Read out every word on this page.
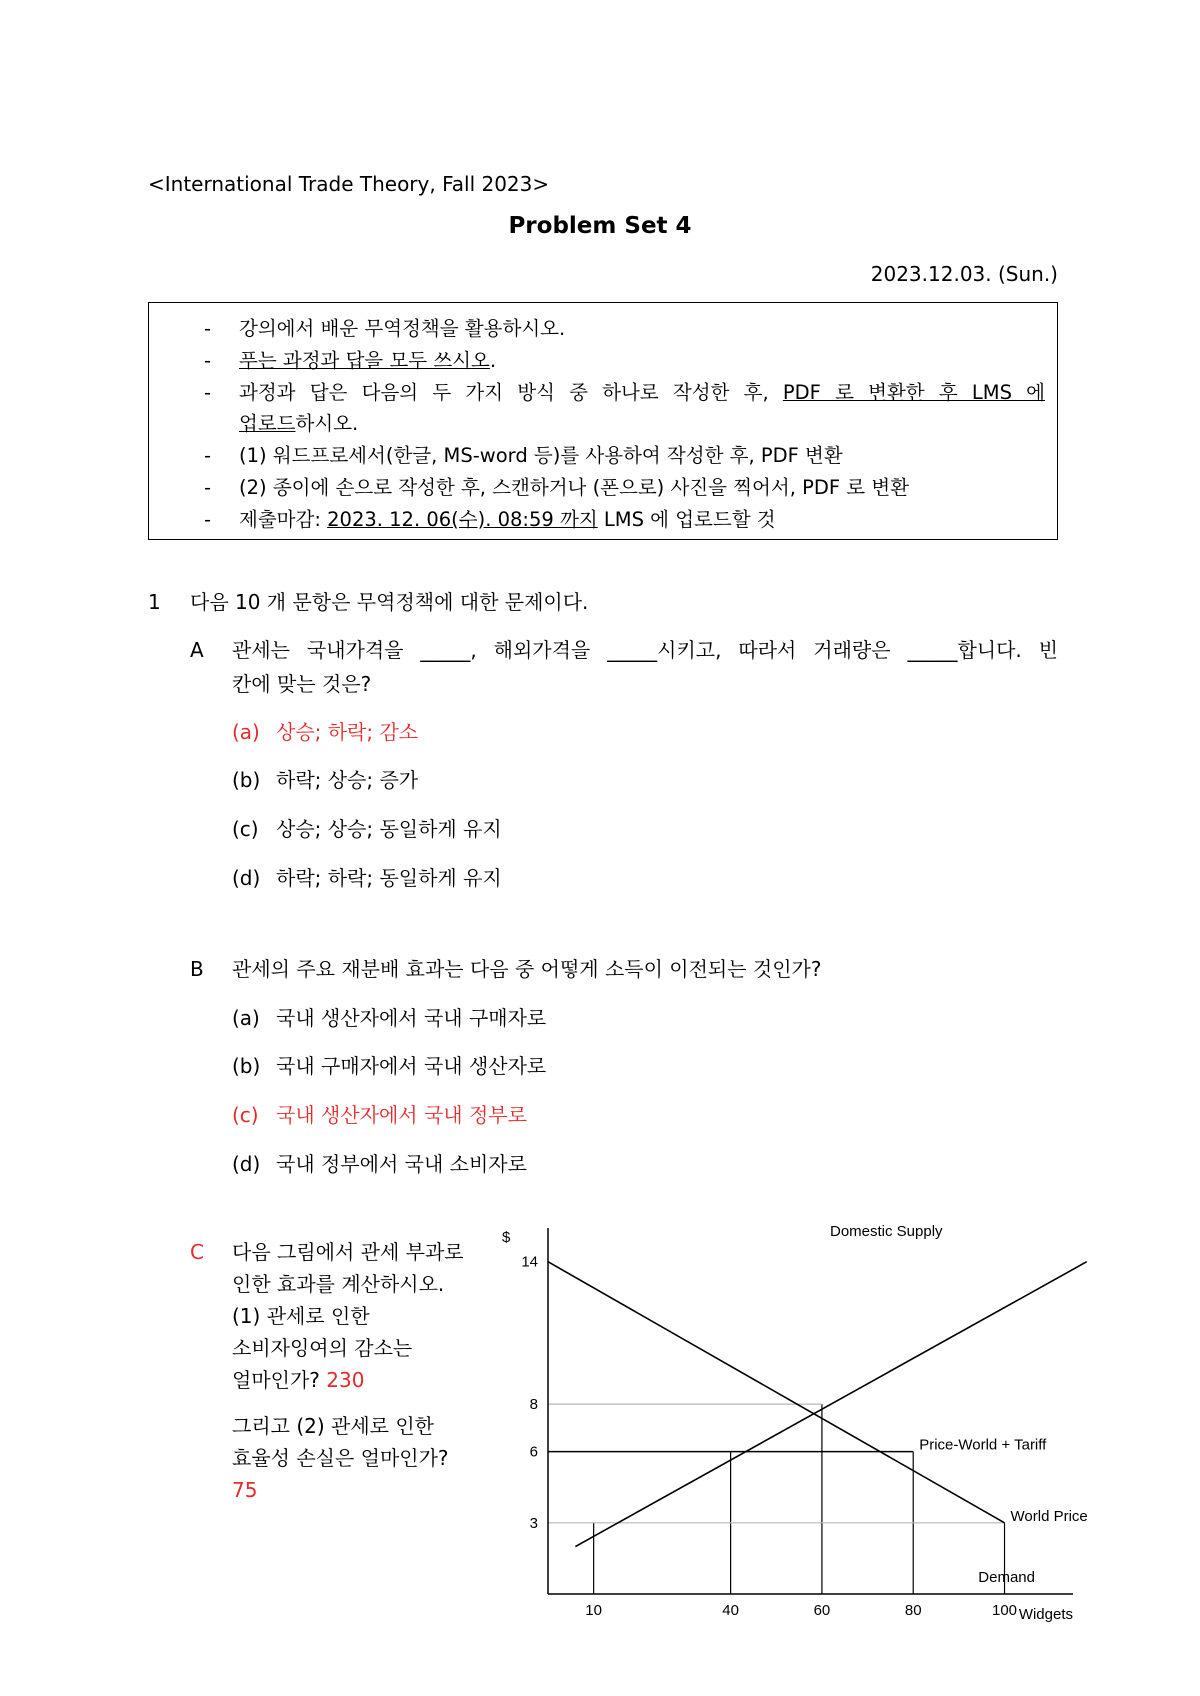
<International Trade Theory, Fall 2023>
Problem Set 4
2023.12.03. (Sun.)
- 강의에서 배운 무역정책을 활용하시오.
- 푸는 과정과 답을 모두 쓰시오.
- 과정과 답은 다음의 두 가지 방식 중 하나로 작성한 후, PDF 로 변환한 후 LMS 에
업로드하시오.
- (1) 워드프로세서(한글, MS-word 등)를 사용하여 작성한 후, PDF 변환
- (2) 종이에 손으로 작성한 후, 스캔하거나 (폰으로) 사진을 찍어서, PDF 로 변환
- 제출마감: 2023. 12. 06(수). 08:59 까지 LMS 에 업로드할 것
1 다음 10 개 문항은 무역정책에 대한 문제이다.
A 관세는 국내가격을 _____, 해외가격을 _____시키고, 따라서 거래량은 _____합니다. 빈
칸에 맞는 것은?
(a) 상승; 하락; 감소
(b) 하락; 상승; 증가
(c) 상승; 상승; 동일하게 유지
(d) 하락; 하락; 동일하게 유지
B 관세의 주요 재분배 효과는 다음 중 어떻게 소득이 이전되는 것인가?
(a) 국내 생산자에서 국내 구매자로
(b) 국내 구매자에서 국내 생산자로
(c) 국내 생산자에서 국내 정부로
(d) 국내 정부에서 국내 소비자로
C 다음 그림에서 관세 부과로
인한 효과를 계산하시오.
(1) 관세로 인한
소비자잉여의 감소는
얼마인가? 230
그리고 (2) 관세로 인한
효율성 손실은 얼마인가?
75
10	40	60	80	100
3
6
8
14
$
Widgets
Domestic Supply
Demand
World Price
Price-World + Tariff
